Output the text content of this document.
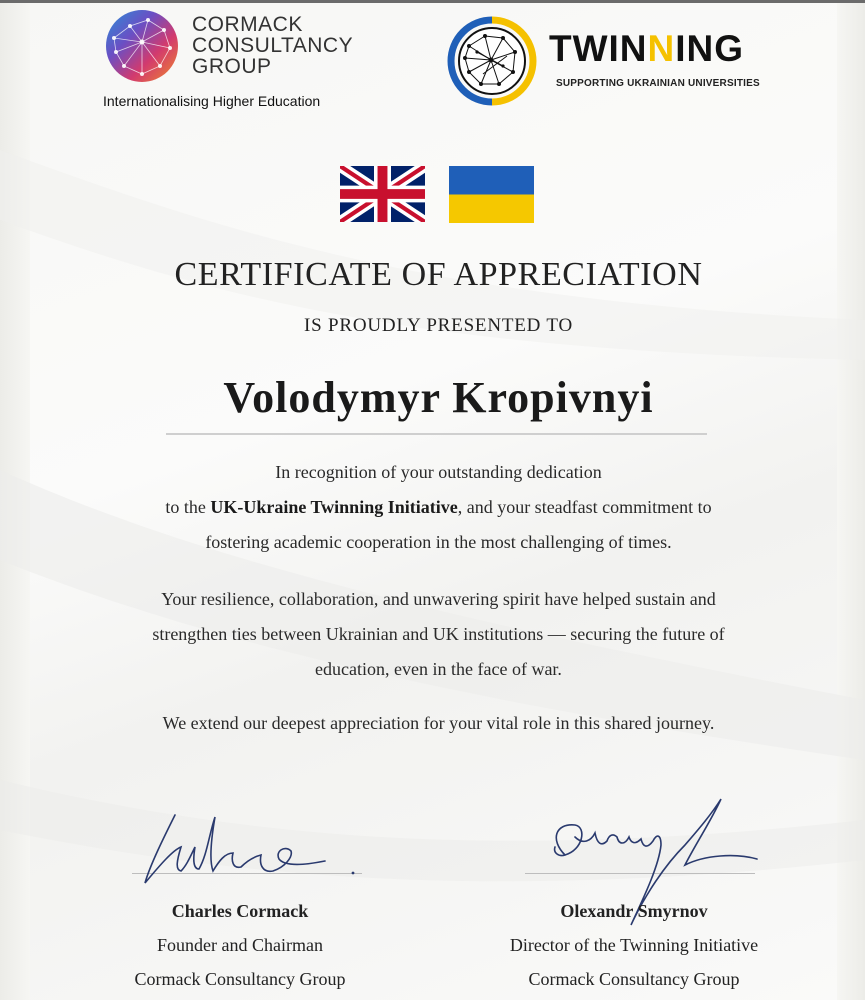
CORMACK
CONSULTANCY
GROUP
Internationalising Higher Education
TWINNING
SUPPORTING UKRAINIAN UNIVERSITIES
CERTIFICATE OF APPRECIATION
IS PROUDLY PRESENTED TO
Volodymyr Kropivnyi
In recognition of your outstanding dedication
to the UK-Ukraine Twinning Initiative, and your steadfast commitment to
fostering academic cooperation in the most challenging of times.
Your resilience, collaboration, and unwavering spirit have helped sustain and
strengthen ties between Ukrainian and UK institutions — securing the future of
education, even in the face of war.
We extend our deepest appreciation for your vital role in this shared journey.
Charles Cormack
Founder and Chairman
Cormack Consultancy Group
Olexandr Smyrnov
Director of the Twinning Initiative
Cormack Consultancy Group
